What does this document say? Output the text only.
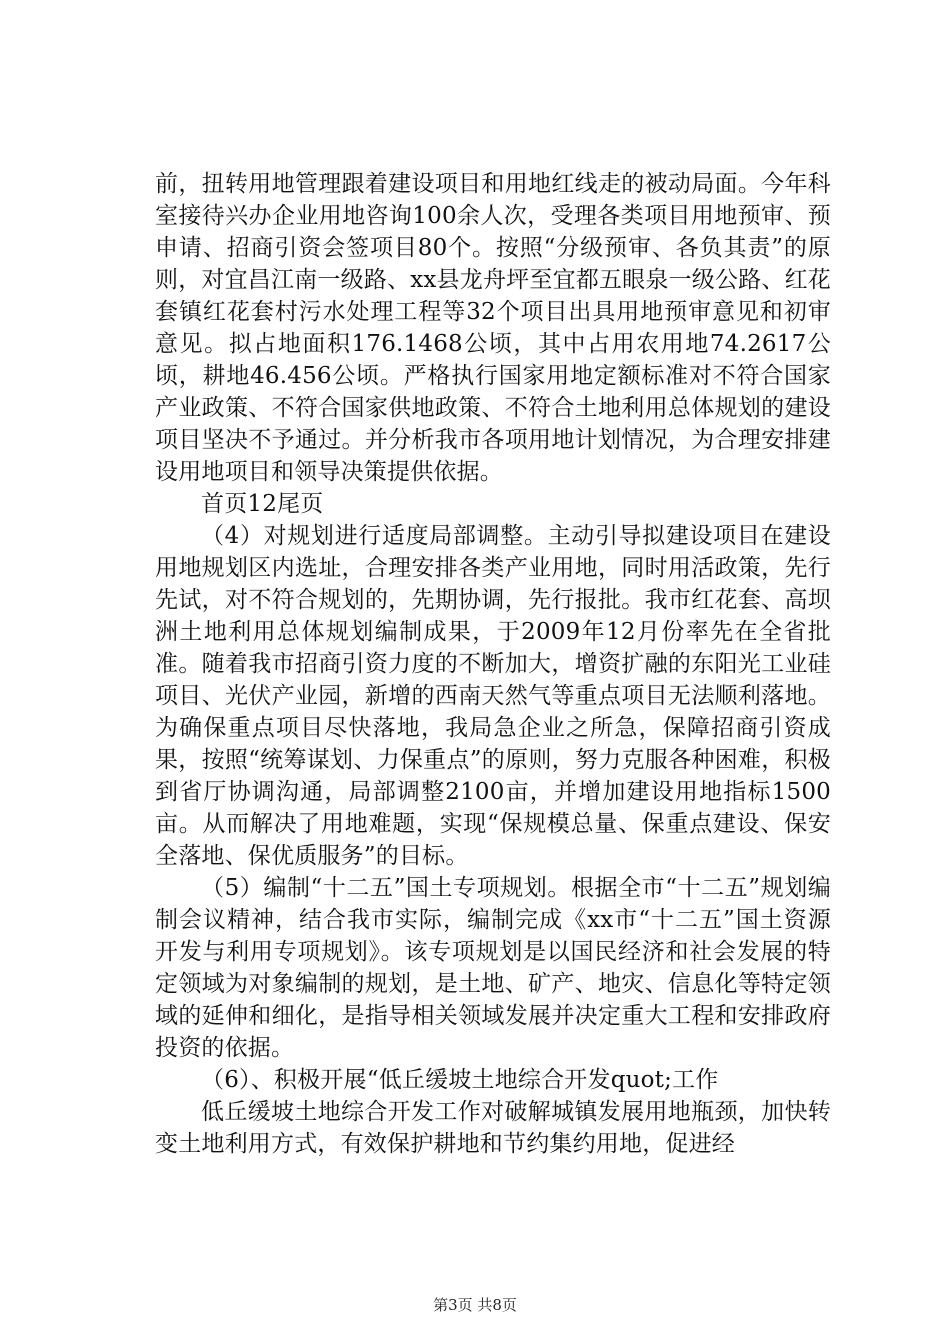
前，扭转用地管理跟着建设项目和用地红线走的被动局面。今年科室接待兴办企业用地咨询100余人次，受理各类项目用地预审、预申请、招商引资会签项目80个。按照“分级预审、各负其责”的原则，对宜昌江南一级路、xx县龙舟坪至宜都五眼泉一级公路、红花套镇红花套村污水处理工程等32个项目出具用地预审意见和初审意见。拟占地面积176.1468公顷，其中占用农用地74.2617公顷，耕地46.456公顷。严格执行国家用地定额标准对不符合国家产业政策、不符合国家供地政策、不符合土地利用总体规划的建设项目坚决不予通过。并分析我市各项用地计划情况，为合理安排建设用地项目和领导决策提供依据。

首页12尾页

（4）对规划进行适度局部调整。主动引导拟建设项目在建设用地规划区内选址，合理安排各类产业用地，同时用活政策，先行先试，对不符合规划的，先期协调，先行报批。我市红花套、高坝洲土地利用总体规划编制成果，于2009年12月份率先在全省批准。随着我市招商引资力度的不断加大，增资扩融的东阳光工业硅项目、光伏产业园，新增的西南天然气等重点项目无法顺利落地。为确保重点项目尽快落地，我局急企业之所急，保障招商引资成果，按照“统筹谋划、力保重点”的原则，努力克服各种困难，积极到省厅协调沟通，局部调整2100亩，并增加建设用地指标1500亩。从而解决了用地难题，实现“保规模总量、保重点建设、保安全落地、保优质服务”的目标。

（5）编制“十二五”国土专项规划。根据全市“十二五”规划编制会议精神，结合我市实际，编制完成《xx市“十二五”国土资源开发与利用专项规划》。该专项规划是以国民经济和社会发展的特定领域为对象编制的规划，是土地、矿产、地灾、信息化等特定领域的延伸和细化，是指导相关领域发展并决定重大工程和安排政府投资的依据。

（6）、积极开展“低丘缓坡土地综合开发quot;工作

低丘缓坡土地综合开发工作对破解城镇发展用地瓶颈，加快转变土地利用方式，有效保护耕地和节约集约用地，促进经

第3页 共8页
